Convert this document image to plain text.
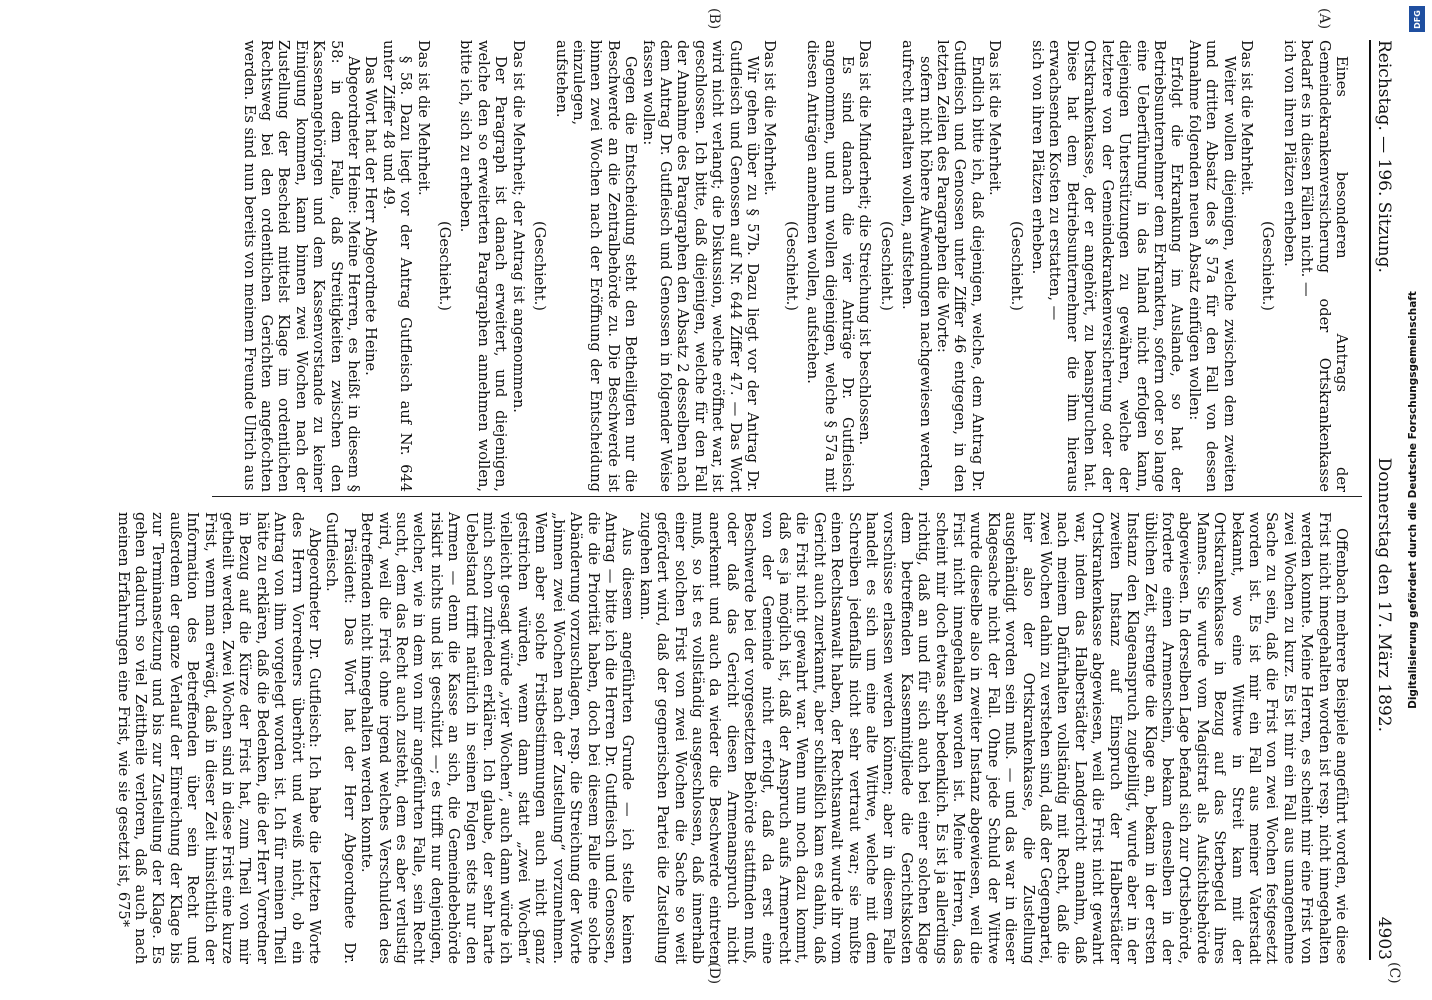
Reichstag. — 196. Sitzung.
Donnerstag den 17. März 1892.
4903
(A)
(B)
(C)
(D)

Eines besonderen Antrags der Gemeindekrankenversicherung oder Ortskrankenkasse bedarf es in diesen Fällen nicht. —

ich von ihren Plätzen erheben.

(Geschieht.)

Das ist die Mehrheit.

Weiter wollen diejenigen, welche zwischen dem zweiten und dritten Absatz des § 57a für den Fall von dessen Annahme folgenden neuen Absatz einfügen wollen:

Erfolgt die Erkrankung im Auslande, so hat der Betriebsunternehmer dem Erkrankten, sofern oder so lange eine Ueberführung in das Inland nicht erfolgen kann, diejenigen Unterstützungen zu gewähren, welche der letztere von der Gemeindekrankenversicherung oder der Ortskrankenkasse, der er angehört, zu beanspruchen hat. Diese hat dem Betriebsunternehmer die ihm hieraus erwachsenden Kosten zu erstatten, —

sich von ihren Plätzen erheben.

(Geschieht.)

Das ist die Mehrheit.

Endlich bitte ich, daß diejenigen, welche, dem Antrag Dr. Gutfleisch und Genossen unter Ziffer 46 entgegen, in den letzten Zeilen des Paragraphen die Worte:

sofern nicht höhere Aufwendungen nachgewiesen werden,

aufrecht erhalten wollen, aufstehen.

(Geschieht.)

Das ist die Minderheit; die Streichung ist beschlossen.

Es sind danach die vier Anträge Dr. Gutfleisch angenommen, und nun wollen diejenigen, welche § 57a mit diesen Anträgen annehmen wollen, aufstehen.

(Geschieht.)

Das ist die Mehrheit.

Wir gehen über zu § 57b. Dazu liegt vor der Antrag Dr. Gutfleisch und Genossen auf Nr. 644 Ziffer 47. — Das Wort wird nicht verlangt; die Diskussion, welche eröffnet war, ist geschlossen. Ich bitte, daß diejenigen, welche für den Fall der Annahme des Paragraphen den Absatz 2 desselben nach dem Antrag Dr. Gutfleisch und Genossen in folgender Weise fassen wollen:

Gegen die Entscheidung steht den Betheiligten nur die Beschwerde an die Zentralbehörde zu. Die Beschwerde ist binnen zwei Wochen nach der Eröffnung der Entscheidung einzulegen,

aufstehen.

(Geschieht.)

Das ist die Mehrheit; der Antrag ist angenommen.

Der Paragraph ist danach erweitert, und diejenigen, welche den so erweiterten Paragraphen annehmen wollen, bitte ich, sich zu erheben.

(Geschieht.)

Das ist die Mehrheit.

§ 58. Dazu liegt vor der Antrag Gutfleisch auf Nr. 644 unter Ziffer 48 und 49.

Das Wort hat der Herr Abgeordnete Heine.

Abgeordneter Heine: Meine Herren, es heißt in diesem § 58: in dem Falle, daß Streitigkeiten zwischen den Kassenangehörigen und dem Kassenvorstande zu keiner Einigung kommen, kann binnen zwei Wochen nach der Zustellung der Bescheid mittelst Klage im ordentlichen Rechtsweg bei den ordentlichen Gerichten angefochten werden. Es sind nun bereits von meinem Freunde Ulrich aus

Offenbach mehrere Beispiele angeführt worden, wie diese Frist nicht innegehalten worden ist resp. nicht innegehalten werden konnte. Meine Herren, es scheint mir eine Frist von zwei Wochen zu kurz. Es ist mir ein Fall aus unangenehme Sache zu sein, daß die Frist von zwei Wochen festgesetzt worden ist. Es ist mir ein Fall aus meiner Vaterstadt bekannt, wo eine Wittwe in Streit kam mit der Ortskrankenkasse in Bezug auf das Sterbegeld ihres Mannes. Sie wurde vom Magistrat als Aufsichtsbehörde abgewiesen. In derselben Lage befand sich zur Ortsbehörde, forderte einen Armenschein, bekam denselben in der üblichen Zeit, strengte die Klage an, bekam in der ersten Instanz den Klageanspruch zugebilligt, wurde aber in der zweiten Instanz auf Einspruch der Halberstädter Ortskrankenkasse abgewiesen, weil die Frist nicht gewahrt war, indem das Halberstädter Landgericht annahm, daß nach meinem Dafürhalten vollständig mit Recht, daß die zwei Wochen dahin zu verstehen sind, daß der Gegenpartei, hier also der Ortskrankenkasse, die Zustellung ausgehändigt worden sein muß. — und das war in dieser Klagesache nicht der Fall. Ohne jede Schuld der Wittwe wurde dieselbe also in zweiter Instanz abgewiesen, weil die Frist nicht innegehalten worden ist. Meine Herren, das scheint mir doch etwas sehr bedenklich. Es ist ja allerdings richtig, daß an und für sich auch bei einer solchen Klage dem betreffenden Kassenmitgliede die Gerichtskosten vorschüsse erlassen werden können; aber in diesem Falle handelt es sich um eine alte Wittwe, welche mit dem Schreiben jedenfalls nicht sehr vertraut war; sie mußte einen Rechtsanwalt haben, der Rechtsanwalt wurde ihr vom Gericht auch zuerkannt, aber schließlich kam es dahin, daß die Frist nicht gewahrt war. Wenn nun noch dazu kommt, daß es ja möglich ist, daß der Anspruch aufs Armenrecht von der Gemeinde nicht erfolgt, daß da erst eine Beschwerde bei der vorgesetzten Behörde stattfinden muß, oder daß das Gericht diesen Armenanspruch nicht anerkennt und auch da wieder die Beschwerde eintreten muß, so ist es vollständig ausgeschlossen, daß innerhalb einer solchen Frist von zwei Wochen die Sache so weit gefördert wird, daß der gegnerischen Partei die Zustellung zugehen kann.

Aus diesem angeführten Grunde — ich stelle keinen Antrag — bitte ich die Herren Dr. Gutfleisch und Genossen, die die Priorität haben, doch bei diesem Falle eine solche Abänderung vorzuschlagen, resp. die Streichung der Worte „binnen zwei Wochen nach der Zustellung“ vorzunehmen. Wenn aber solche Fristbestimmungen auch nicht ganz gestrichen würden, wenn dann statt „zwei Wochen“ vielleicht gesagt würde „vier Wochen“, auch dann würde ich mich schon zufrieden erklären. Ich glaube, der sehr harte Uebelstand trifft natürlich in seinen Folgen stets nur den Armen — denn die Kasse an sich, die Gemeindebehörde riskirt nichts und ist geschützt —; es trifft nur denjenigen, welcher, wie in dem von mir angeführten Falle, sein Recht sucht, dem das Recht auch zusteht, dem es aber verlustig wird, weil die Frist ohne irgend welches Verschulden des Betreffenden nicht innegehalten werden konnte.

Präsident: Das Wort hat der Herr Abgeordnete Dr. Gutfleisch.

Abgeordneter Dr. Gutfleisch: Ich habe die letzten Worte des Herrn Vorredners überhört und weiß nicht, ob ein Antrag von ihm vorgelegt worden ist. Ich für meinen Theil hätte zu erklären, daß die Bedenken, die der Herr Vorredner in Bezug auf die Kürze der Frist hat, zum Theil von mir getheilt werden. Zwei Wochen sind in diese Frist eine kurze Frist, wenn man erwägt, daß in dieser Zeit hinsichtlich der Information des Betreffenden über sein Recht und außerdem der ganze Verlauf der Einreichung der Klage bis zur Terminansetzung und bis zur Zustellung der Klage. Es gehen dadurch so viel Zeittheile verloren, daß auch nach meinen Erfahrungen eine Frist, wie sie gesetzt ist, 675*

DFG
Digitalisierung gefördert durch die Deutsche Forschungsgemeinschaft
